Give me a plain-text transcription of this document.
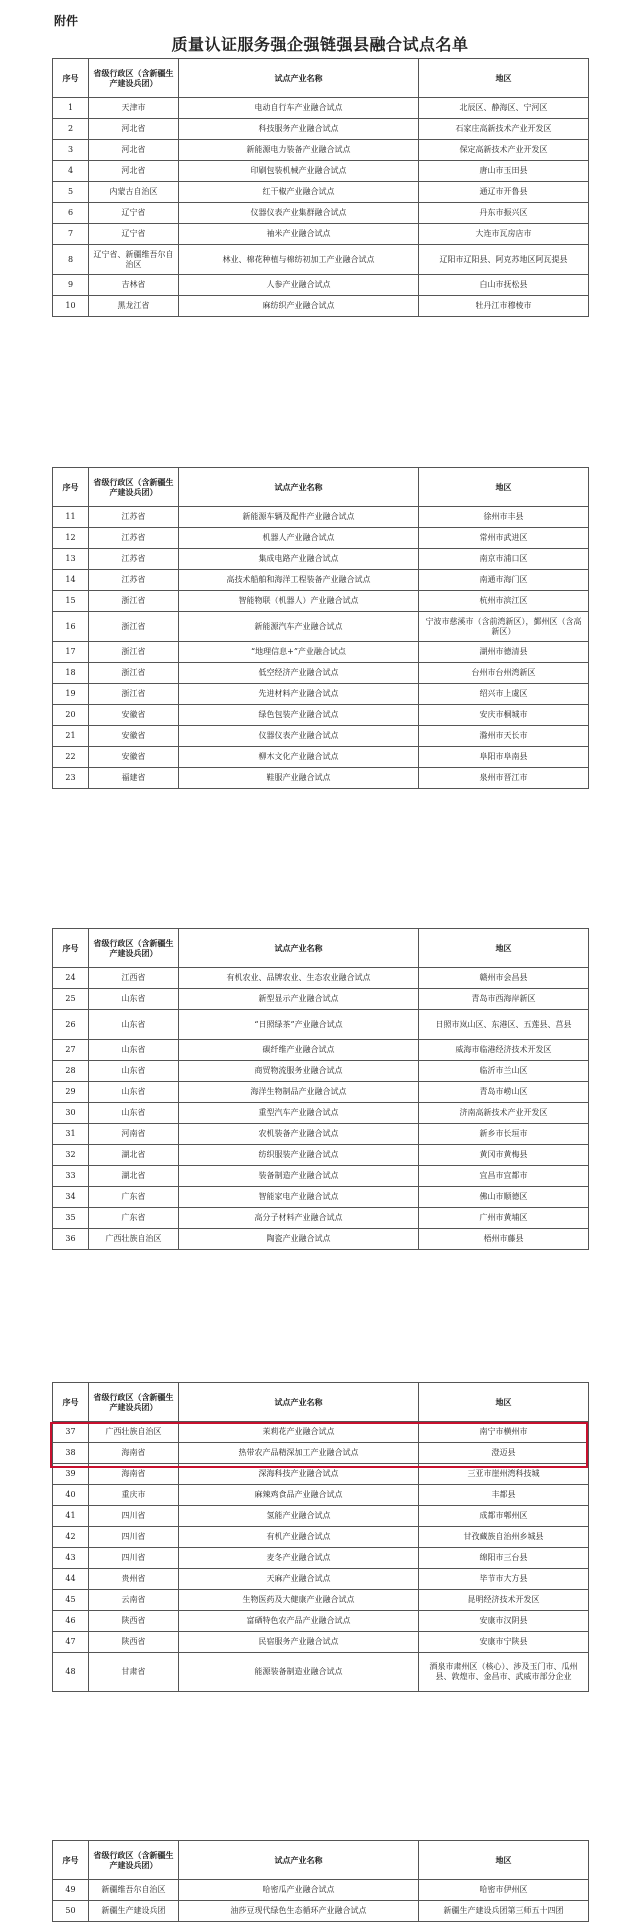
附件
质量认证服务强企强链强县融合试点名单
序号	省级行政区（含新疆生产建设兵团）	试点产业名称	地区
1	天津市	电动自行车产业融合试点	北辰区、静海区、宁河区
2	河北省	科技服务产业融合试点	石家庄高新技术产业开发区
3	河北省	新能源电力装备产业融合试点	保定高新技术产业开发区
4	河北省	印刷包装机械产业融合试点	唐山市玉田县
5	内蒙古自治区	红干椒产业融合试点	通辽市开鲁县
6	辽宁省	仪器仪表产业集群融合试点	丹东市振兴区
7	辽宁省	袖米产业融合试点	大连市瓦房店市
8	辽宁省、新疆维吾尔自治区	林业、棉花种植与棉纺初加工产业融合试点	辽阳市辽阳县、阿克苏地区阿瓦提县
9	吉林省	人参产业融合试点	白山市抚松县
10	黑龙江省	麻纺织产业融合试点	牡丹江市穆棱市
序号	省级行政区（含新疆生产建设兵团）	试点产业名称	地区
11	江苏省	新能源车辆及配件产业融合试点	徐州市丰县
12	江苏省	机器人产业融合试点	常州市武进区
13	江苏省	集成电路产业融合试点	南京市浦口区
14	江苏省	高技术船舶和海洋工程装备产业融合试点	南通市海门区
15	浙江省	智能物联（机器人）产业融合试点	杭州市滨江区
16	浙江省	新能源汽车产业融合试点	宁波市慈溪市（含前湾新区），鄞州区（含高新区）
17	浙江省	“地理信息+”产业融合试点	湖州市德清县
18	浙江省	低空经济产业融合试点	台州市台州湾新区
19	浙江省	先进材料产业融合试点	绍兴市上虞区
20	安徽省	绿色包装产业融合试点	安庆市桐城市
21	安徽省	仪器仪表产业融合试点	滁州市天长市
22	安徽省	柳木文化产业融合试点	阜阳市阜南县
23	福建省	鞋服产业融合试点	泉州市晋江市
序号	省级行政区（含新疆生产建设兵团）	试点产业名称	地区
24	江西省	有机农业、品牌农业、生态农业融合试点	赣州市会昌县
25	山东省	新型显示产业融合试点	青岛市西海岸新区
26	山东省	“日照绿茶”产业融合试点	日照市岚山区、东港区、五莲县、莒县
27	山东省	碳纤维产业融合试点	威海市临港经济技术开发区
28	山东省	商贸物流服务业融合试点	临沂市兰山区
29	山东省	海洋生物制品产业融合试点	青岛市崂山区
30	山东省	重型汽车产业融合试点	济南高新技术产业开发区
31	河南省	农机装备产业融合试点	新乡市长垣市
32	湖北省	纺织服装产业融合试点	黄冈市黄梅县
33	湖北省	装备制造产业融合试点	宜昌市宜都市
34	广东省	智能家电产业融合试点	佛山市顺德区
35	广东省	高分子材料产业融合试点	广州市黄埔区
36	广西壮族自治区	陶瓷产业融合试点	梧州市藤县
序号	省级行政区（含新疆生产建设兵团）	试点产业名称	地区
37	广西壮族自治区	茉莉花产业融合试点	南宁市横州市
38	海南省	热带农产品精深加工产业融合试点	澄迈县
39	海南省	深海科技产业融合试点	三亚市崖州湾科技城
40	重庆市	麻辣鸡食品产业融合试点	丰都县
41	四川省	氢能产业融合试点	成都市郫州区
42	四川省	有机产业融合试点	甘孜藏族自治州乡城县
43	四川省	麦冬产业融合试点	绵阳市三台县
44	贵州省	天麻产业融合试点	毕节市大方县
45	云南省	生物医药及大健康产业融合试点	昆明经济技术开发区
46	陕西省	富硒特色农产品产业融合试点	安康市汉阴县
47	陕西省	民宿服务产业融合试点	安康市宁陕县
48	甘肃省	能源装备制造业融合试点	酒泉市肃州区（核心）、涉及玉门市、瓜州县、敦煌市、金昌市、武威市部分企业
序号	省级行政区（含新疆生产建设兵团）	试点产业名称	地区
49	新疆维吾尔自治区	哈密瓜产业融合试点	哈密市伊州区
50	新疆生产建设兵团	油莎豆现代绿色生态循环产业融合试点	新疆生产建设兵团第三师五十四团
